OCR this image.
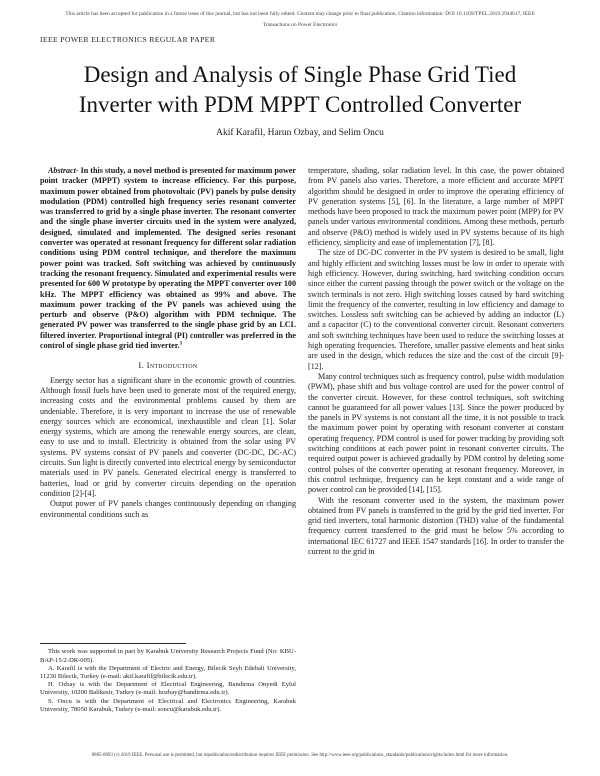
This article has been accepted for publication in a future issue of this journal, but has not been fully edited. Content may change prior to final publication. Citation information: DOI 10.1109/TPEL.2019.2944617, IEEE
Transactions on Power Electronics
IEEE POWER ELECTRONICS REGULAR PAPER
Design and Analysis of Single Phase Grid Tied
Inverter with PDM MPPT Controlled Converter
Akif Karafil, Harun Ozbay, and Selim Oncu

Abstract- In this study, a novel method is presented for maximum power point tracker (MPPT) system to increase efficiency. For this purpose, maximum power obtained from photovoltaic (PV) panels by pulse density modulation (PDM) controlled high frequency series resonant converter was transferred to grid by a single phase inverter. The resonant converter and the single phase inverter circuits used in the system were analyzed, designed, simulated and implemented. The designed series resonant converter was operated at resonant frequency for different solar radiation conditions using PDM control technique, and therefore the maximum power point was tracked. Soft switching was achieved by continuously tracking the resonant frequency. Simulated and experimental results were presented for 600 W prototype by operating the MPPT converter over 100 kHz. The MPPT efficiency was obtained as 99% and above. The maximum power tracking of the PV panels was achieved using the perturb and observe (P&O) algorithm with PDM technique. The generated PV power was transferred to the single phase grid by an LCL filtered inverter. Proportional integral (PI) controller was preferred in the control of single phase grid tied inverter.$^1$

I. Introduction

Energy sector has a significant share in the economic growth of countries. Although fossil fuels have been used to generate most of the required energy, increasing costs and the environmental problems caused by them are undeniable. Therefore, it is very important to increase the use of renewable energy sources which are economical, inexhaustible and clean [1]. Solar energy systems, which are among the renewable energy sources, are clean, easy to use and to install. Electricity is obtained from the solar using PV systems. PV systems consist of PV panels and converter (DC-DC, DC-AC) circuits. Sun light is directly converted into electrical energy by semiconductor materials used in PV panels. Generated electrical energy is transferred to batteries, load or grid by converter circuits depending on the operation condition [2]-[4].

Output power of PV panels changes continuously depending on changing environmental conditions such as

This work was supported in part by Karabuk University Research Projects Fund (No: KBU-BAP-15/2-DR-005).

A. Karafil is with the Department of Electric and Energy, Bilecik Seyh Edebali University, 11230 Bilecik, Turkey (e-mail: akif.karafil@bilecik.edu.tr).

H. Ozbay is with the Department of Electrical Engineering, Bandirma Onyedi Eylul University, 10200 Balikesir, Turkey (e-mail: hozbay@bandirma.edu.tr).

S. Oncu is with the Department of Electrical and Electronics Engineering, Karabuk University, 78050 Karabuk, Turkey (e-mail: soncu@karabuk.edu.tr).

temperature, shading, solar radiation level. In this case, the power obtained from PV panels also varies. Therefore, a more efficient and accurate MPPT algorithm should be designed in order to improve the operating efficiency of PV generation systems [5], [6]. In the literature, a large number of MPPT methods have been proposed to track the maximum power point (MPP) for PV panels under various environmental conditions. Among these methods, perturb and observe (P&O) method is widely used in PV systems because of its high efficiency, simplicity and ease of implementation [7], [8].

The size of DC-DC converter in the PV system is desired to be small, light and highly efficient and switching losses must be low in order to operate with high efficiency. However, during switching, hard switching condition occurs since either the current passing through the power switch or the voltage on the switch terminals is not zero. High switching losses caused by hard switching limit the frequency of the converter, resulting in low efficiency and damage to switches. Lossless soft switching can be achieved by adding an inductor (L) and a capacitor (C) to the conventional converter circuit. Resonant converters and soft switching techniques have been used to reduce the switching losses at high operating frequencies. Therefore, smaller passive elements and heat sinks are used in the design, which reduces the size and the cost of the circuit [9]-[12].

Many control techniques such as frequency control, pulse width modulation (PWM), phase shift and bus voltage control are used for the power control of the converter circuit. However, for these control techniques, soft switching cannot be guaranteed for all power values [13]. Since the power produced by the panels in PV systems is not constant all the time, it is not possible to track the maximum power point by operating with resonant converter at constant operating frequency. PDM control is used for power tracking by providing soft switching conditions at each power point in resonant converter circuits. The required output power is achieved gradually by PDM control by deleting some control pulses of the converter operating at resonant frequency. Moreover, in this control technique, frequency can be kept constant and a wide range of power control can be provided [14], [15].

With the resonant converter used in the system, the maximum power obtained from PV panels is transferred to the grid by the grid tied inverter. For grid tied inverters, total harmonic distortion (THD) value of the fundamental frequency current transferred to the grid must be below 5% according to international IEC 61727 and IEEE 1547 standards [16]. In order to transfer the current to the grid in

0885-8993 (c) 2019 IEEE. Personal use is permitted, but republication/redistribution requires IEEE permission. See http://www.ieee.org/publications_standards/publications/rights/index.html for more information.
